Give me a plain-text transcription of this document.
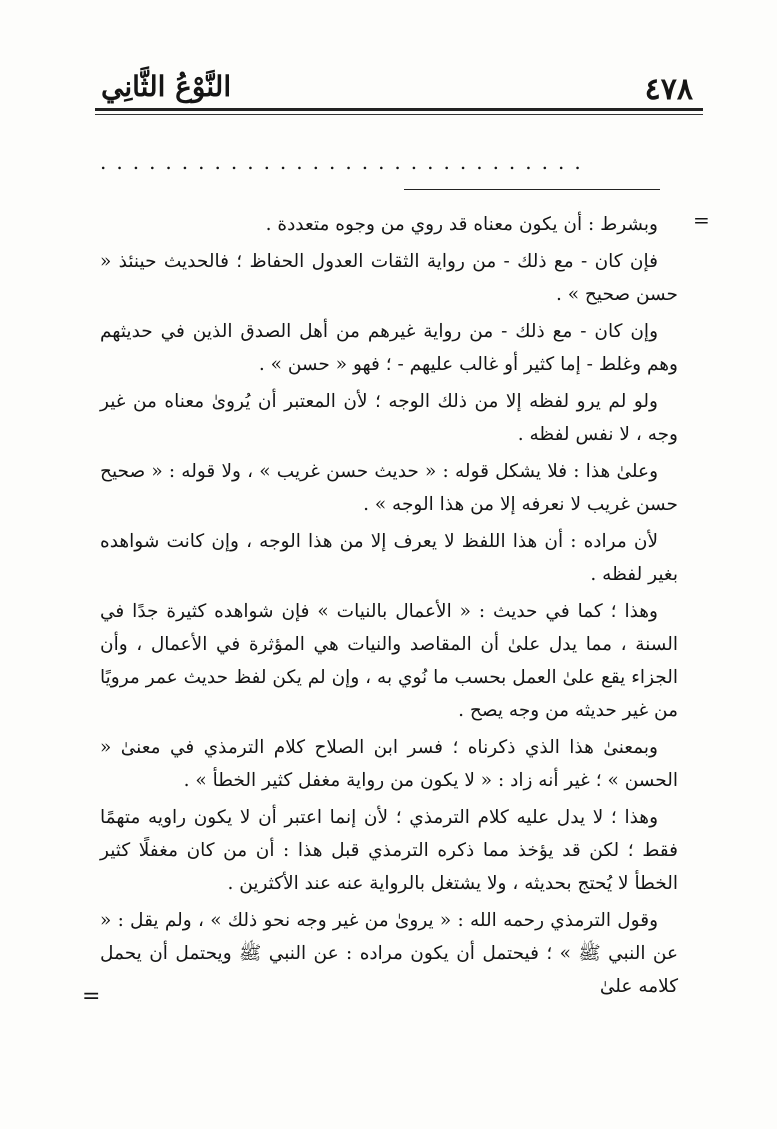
٤٧٨
النَّوْعُ الثَّانِي
..............................
=

وبشرط : أن يكون معناه قد روي من وجوه متعددة .

فإن كان - مع ذلك - من رواية الثقات العدول الحفاظ ؛ فالحديث حينئذ « حسن صحيح » .

وإن كان - مع ذلك - من رواية غيرهم من أهل الصدق الذين في حديثهم وهم وغلط - إما كثير أو غالب عليهم - ؛ فهو « حسن » .

ولو لم يرو لفظه إلا من ذلك الوجه ؛ لأن المعتبر أن يُروىٰ معناه من غير وجه ، لا نفس لفظه .

وعلىٰ هذا : فلا يشكل قوله : « حديث حسن غريب » ، ولا قوله : « صحيح حسن غريب لا نعرفه إلا من هذا الوجه » .

لأن مراده : أن هذا اللفظ لا يعرف إلا من هذا الوجه ، وإن كانت شواهده بغير لفظه .

وهذا ؛ كما في حديث : « الأعمال بالنيات » فإن شواهده كثيرة جدًا في السنة ، مما يدل علىٰ أن المقاصد والنيات هي المؤثرة في الأعمال ، وأن الجزاء يقع علىٰ العمل بحسب ما نُوي به ، وإن لم يكن لفظ حديث عمر مرويًا من غير حديثه من وجه يصح .

وبمعنىٰ هذا الذي ذكرناه ؛ فسر ابن الصلاح كلام الترمذي في معنىٰ « الحسن » ؛ غير أنه زاد : « لا يكون من رواية مغفل كثير الخطأ » .

وهذا ؛ لا يدل عليه كلام الترمذي ؛ لأن إنما اعتبر أن لا يكون راويه متهمًا فقط ؛ لكن قد يؤخذ مما ذكره الترمذي قبل هذا : أن من كان مغفلًا كثير الخطأ لا يُحتج بحديثه ، ولا يشتغل بالرواية عنه عند الأكثرين .

وقول الترمذي رحمه الله : « يروىٰ من غير وجه نحو ذلك » ، ولم يقل : « عن النبي ﷺ » ؛ فيحتمل أن يكون مراده : عن النبي ﷺ ويحتمل أن يحمل كلامه علىٰ

=
